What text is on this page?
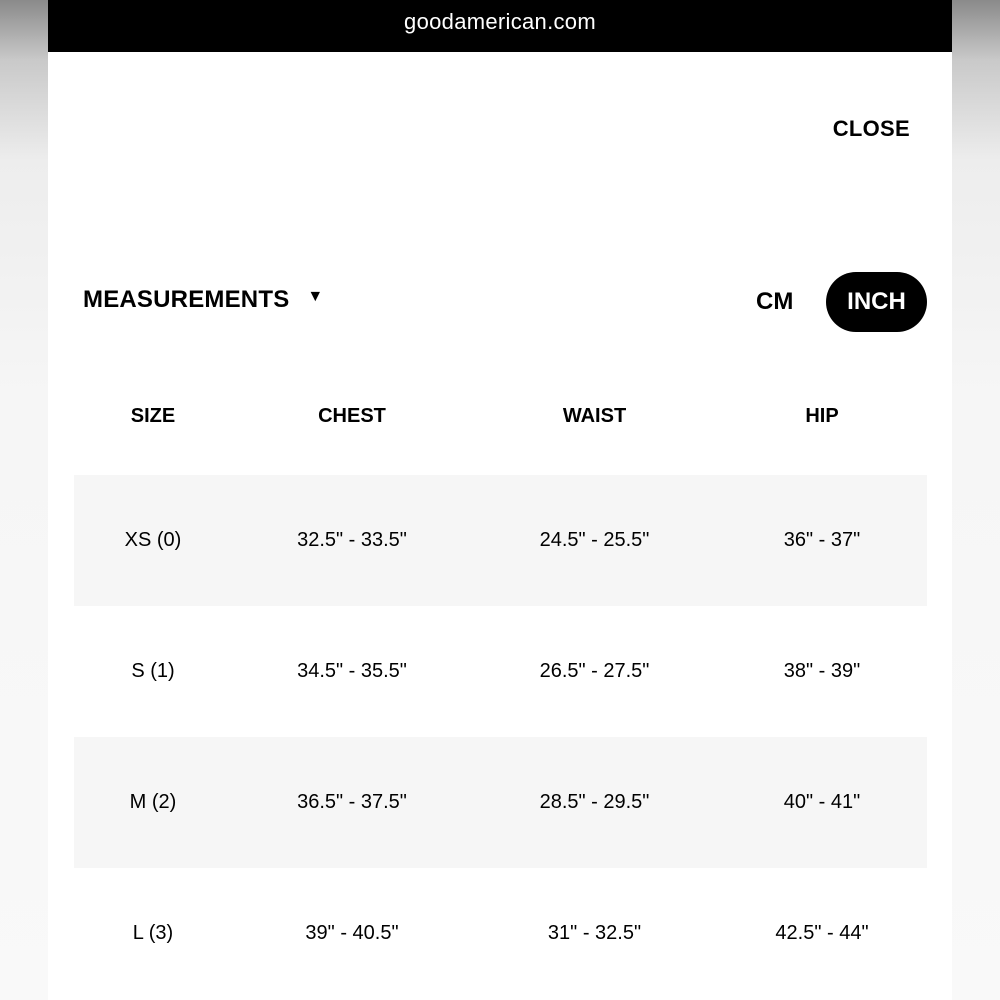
goodamerican.com
CLOSE
MEASUREMENTS ▼	CM	INCH
SIZE	CHEST	WAIST	HIP
XS (0)	32.5" - 33.5"	24.5" - 25.5"	36" - 37"
S (1)	34.5" - 35.5"	26.5" - 27.5"	38" - 39"
M (2)	36.5" - 37.5"	28.5" - 29.5"	40" - 41"
L (3)	39" - 40.5"	31" - 32.5"	42.5" - 44"
